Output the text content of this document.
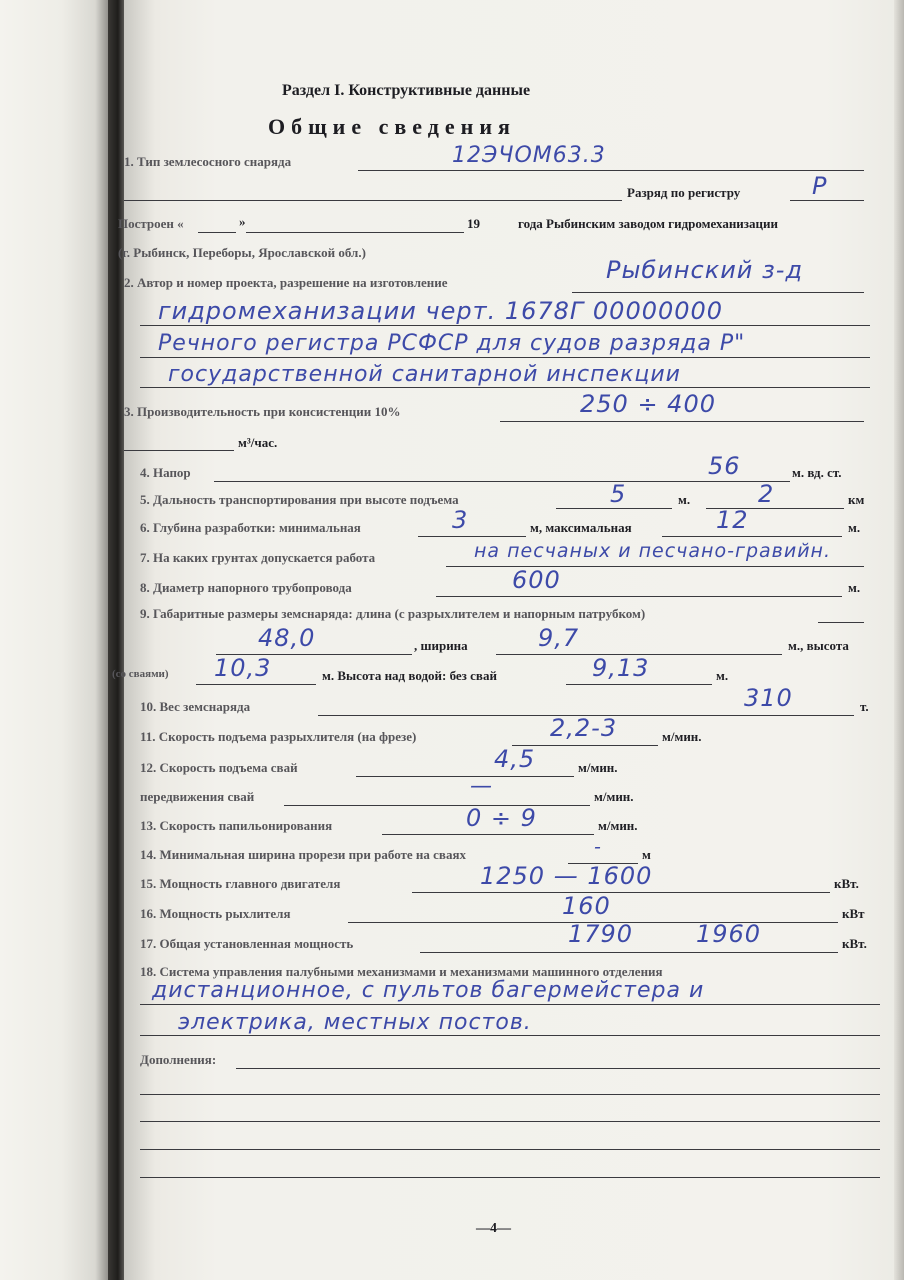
Раздел I. Конструктивные данные
Общие сведения
1. Тип землесосного снаряда	12ЭЧОМ63.3
Разряд по регистру	Р
Построен «	»	19	года Рыбинским заводом гидромеханизации
(г. Рыбинск, Переборы, Ярославской обл.)
2. Автор и номер проекта, разрешение на изготовление	Рыбинский з-д
гидромеханизации черт. 1678Г 00000000
Речного регистра РСФСР для судов разряда Р"
государственной санитарной инспекции
3. Производительность при консистенции 10%	250 ÷ 400
м³/час.
4. Напор	56	м. вд. ст.
5. Дальность транспортирования при высоте подъема	5	м.	2	км
6. Глубина разработки: минимальная	3	м, максимальная	12	м.
7. На каких грунтах допускается работа	на песчаных и песчано-гравийн.
8. Диаметр напорного трубопровода	600	м.
9. Габаритные размеры земснаряда: длина (с разрыхлителем и напорным патрубком)
48,0	, ширина	9,7	м., высота
(со сваями) 10,3	м. Высота над водой: без свай	9,13	м.
10. Вес земснаряда	310	т.
11. Скорость подъема разрыхлителя (на фрезе)	2,2-3	м/мин.
12. Скорость подъема свай	4,5	м/мин.
передвижения свай	—	м/мин.
13. Скорость папильонирования	0 ÷ 9	м/мин.
14. Минимальная ширина прорези при работе на сваях	-	м
15. Мощность главного двигателя	1250 — 1600	кВт.
16. Мощность рыхлителя	160	кВт
17. Общая установленная мощность	1790	1960	кВт.
18. Система управления палубными механизмами и механизмами машинного отделения
дистанционное, с пультов багермейстера и
электрика, местных постов.
Дополнения:
—4—
